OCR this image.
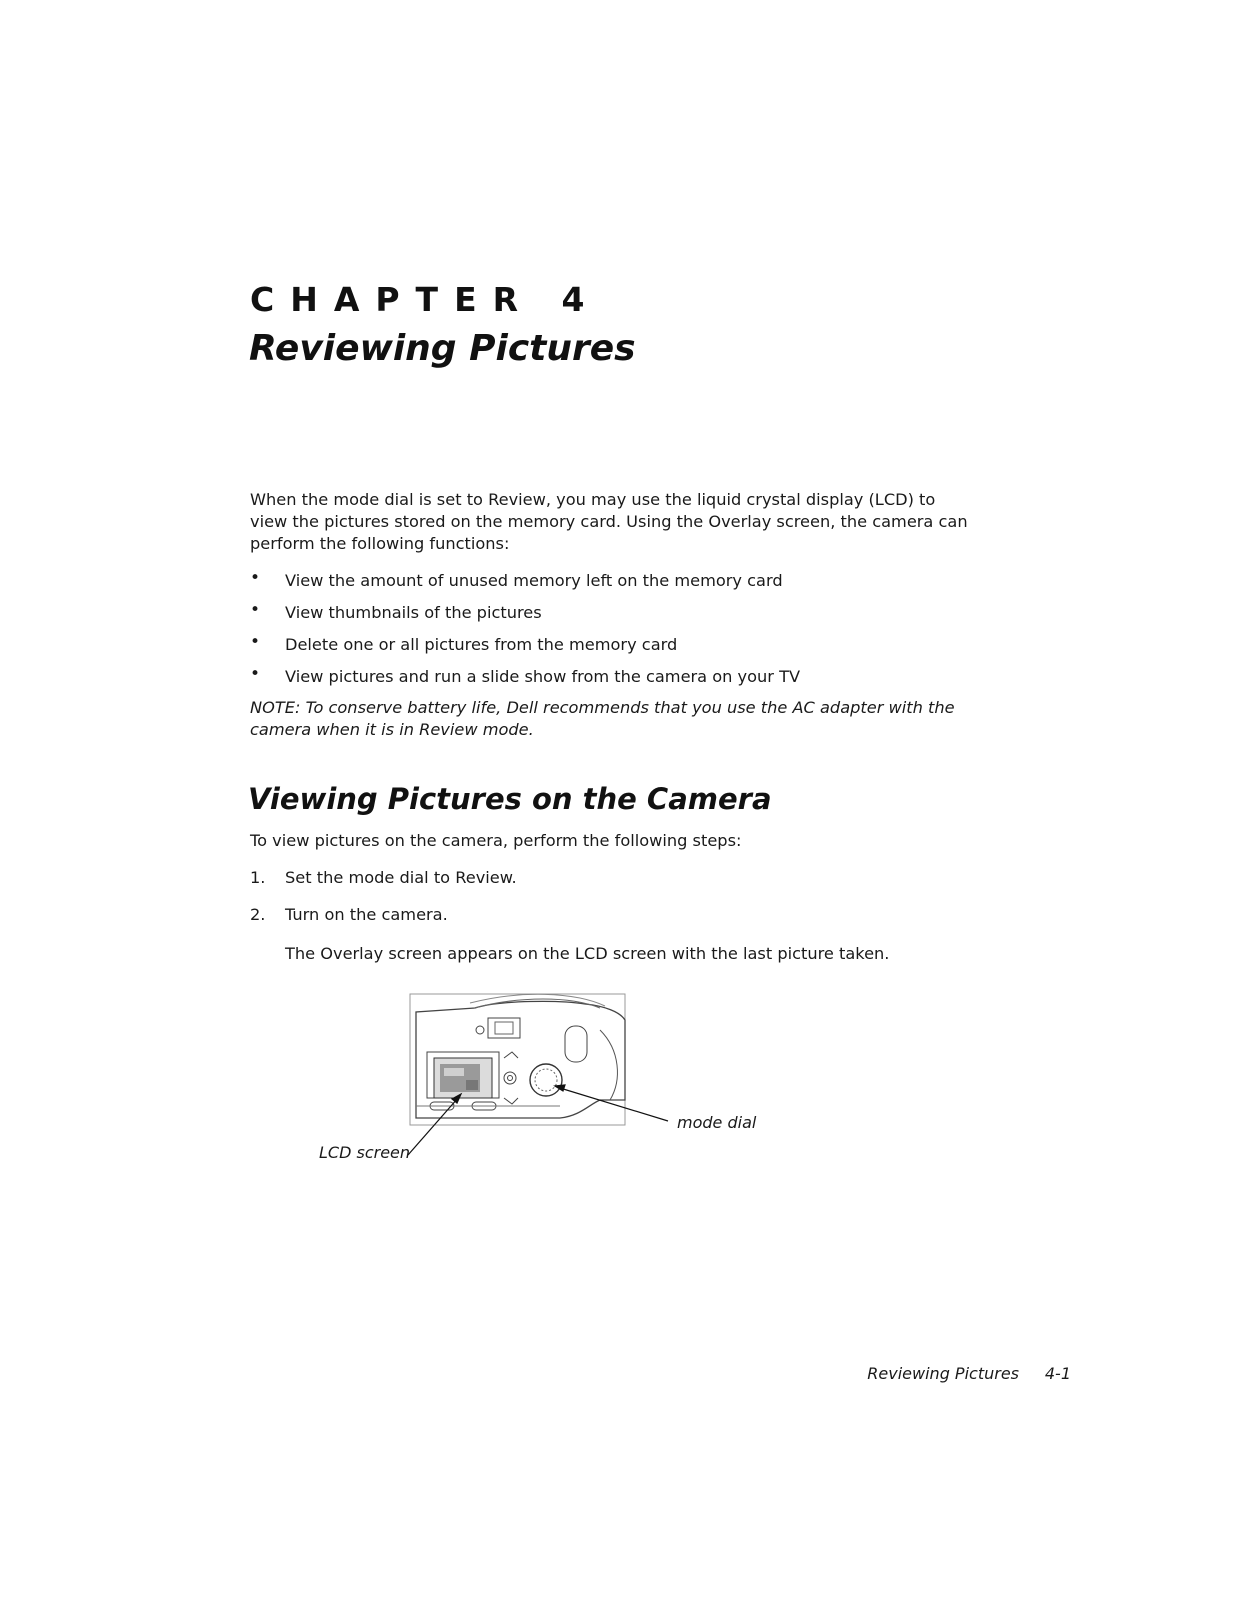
CHAPTER 4
Reviewing Pictures

When the mode dial is set to Review, you may use the liquid crystal display (LCD) to view the pictures stored on the memory card. Using the Overlay screen, the camera can perform the following functions:

• View the amount of unused memory left on the memory card
• View thumbnails of the pictures
• Delete one or all pictures from the memory card
• View pictures and run a slide show from the camera on your TV

NOTE: To conserve battery life, Dell recommends that you use the AC adapter with the camera when it is in Review mode.

Viewing Pictures on the Camera
To view pictures on the camera, perform the following steps:
1. Set the mode dial to Review.
2. Turn on the camera.
The Overlay screen appears on the LCD screen with the last picture taken.
LCD screen
mode dial
Reviewing Pictures 4-1
